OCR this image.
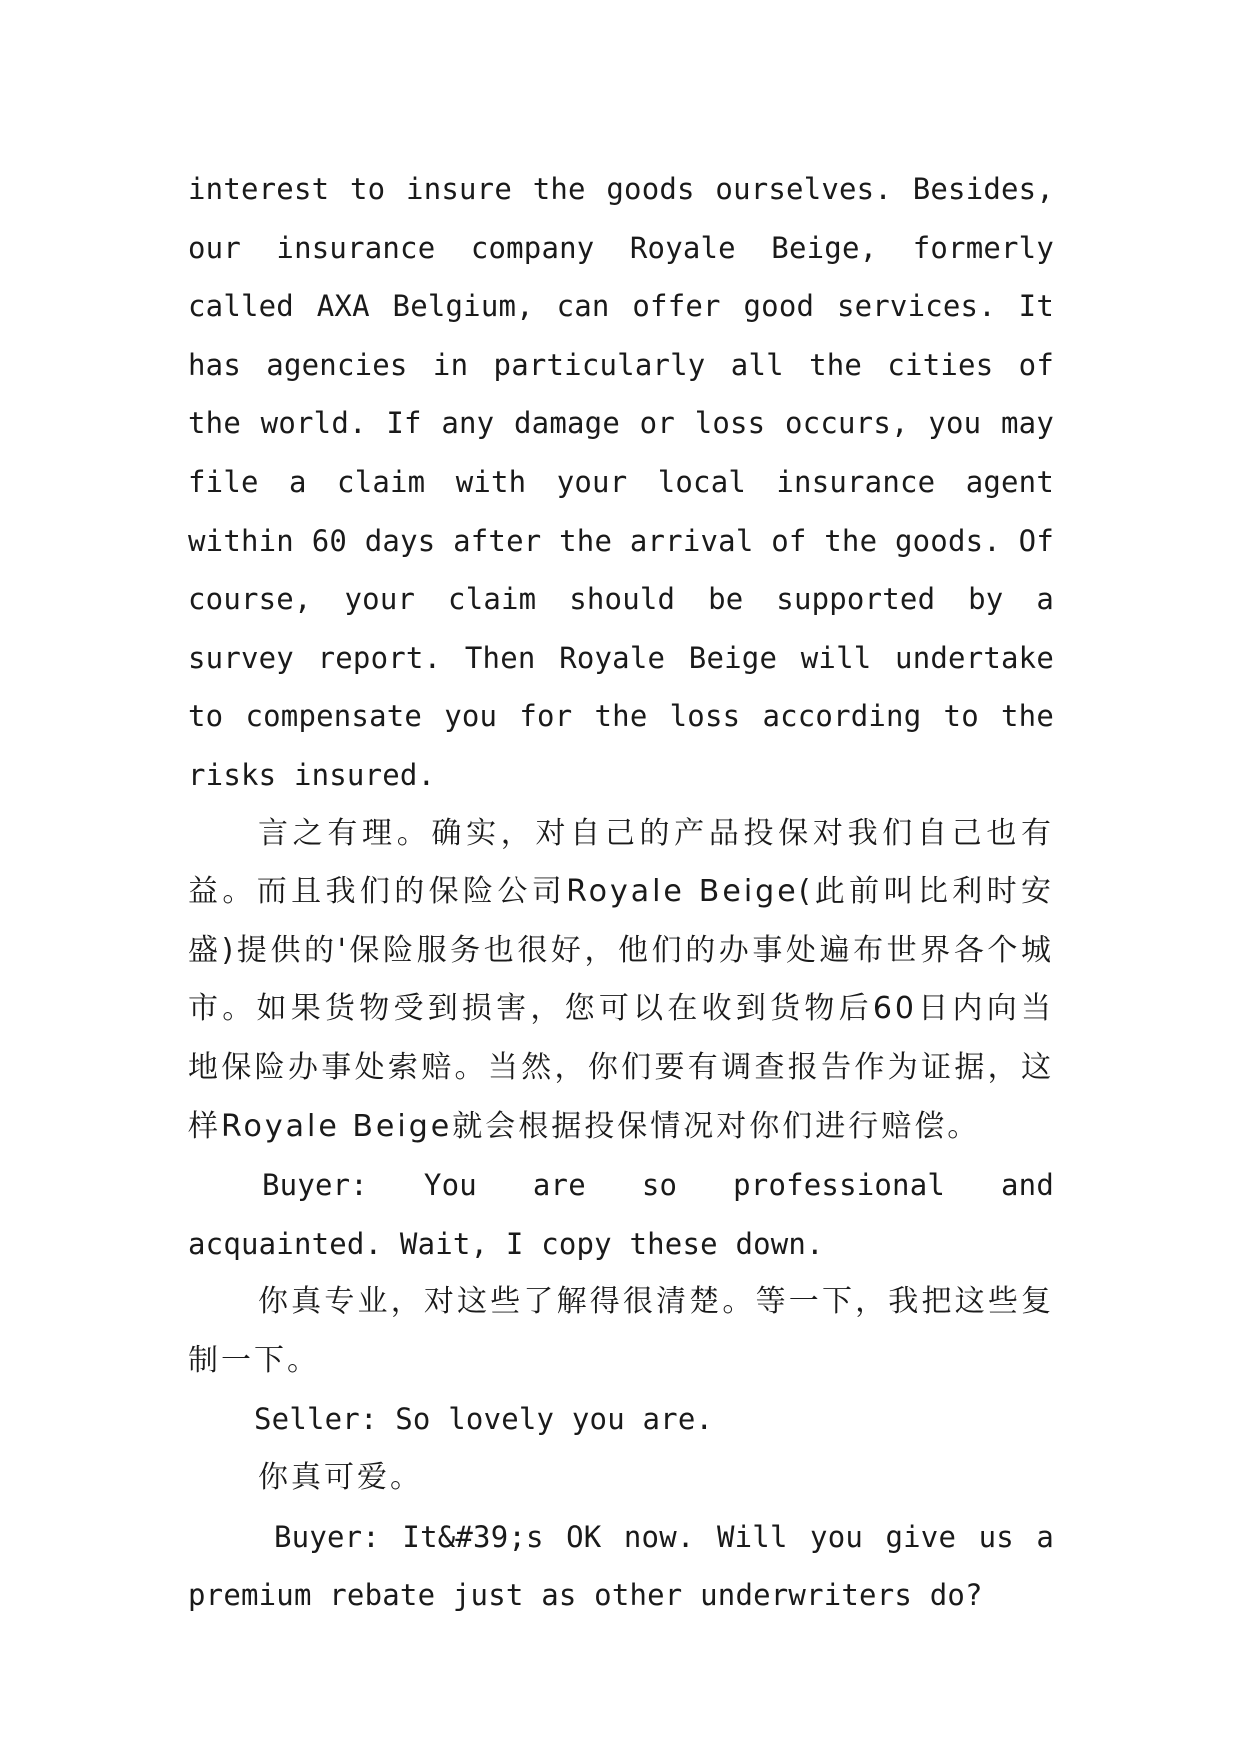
interest to insure the goods ourselves. Besides, our insurance company Royale Beige, formerly called AXA Belgium, can offer good services. It has agencies in particularly all the cities of the world. If any damage or loss occurs, you may file a claim with your local insurance agent within 60 days after the arrival of the goods. Of course, your claim should be supported by a survey report. Then Royale Beige will undertake to compensate you for the loss according to the risks insured.

言之有理。确实，对自己的产品投保对我们自己也有益。而且我们的保险公司Royale Beige(此前叫比利时安盛)提供的'保险服务也很好，他们的办事处遍布世界各个城市。如果货物受到损害，您可以在收到货物后60日内向当地保险办事处索赔。当然，你们要有调查报告作为证据，这样Royale Beige就会根据投保情况对你们进行赔偿。

Buyer: You are so professional and acquainted. Wait, I copy these down.

你真专业，对这些了解得很清楚。等一下，我把这些复制一下。

Seller: So lovely you are.

你真可爱。

Buyer: It&#39;s OK now. Will you give us a premium rebate just as other underwriters do?
